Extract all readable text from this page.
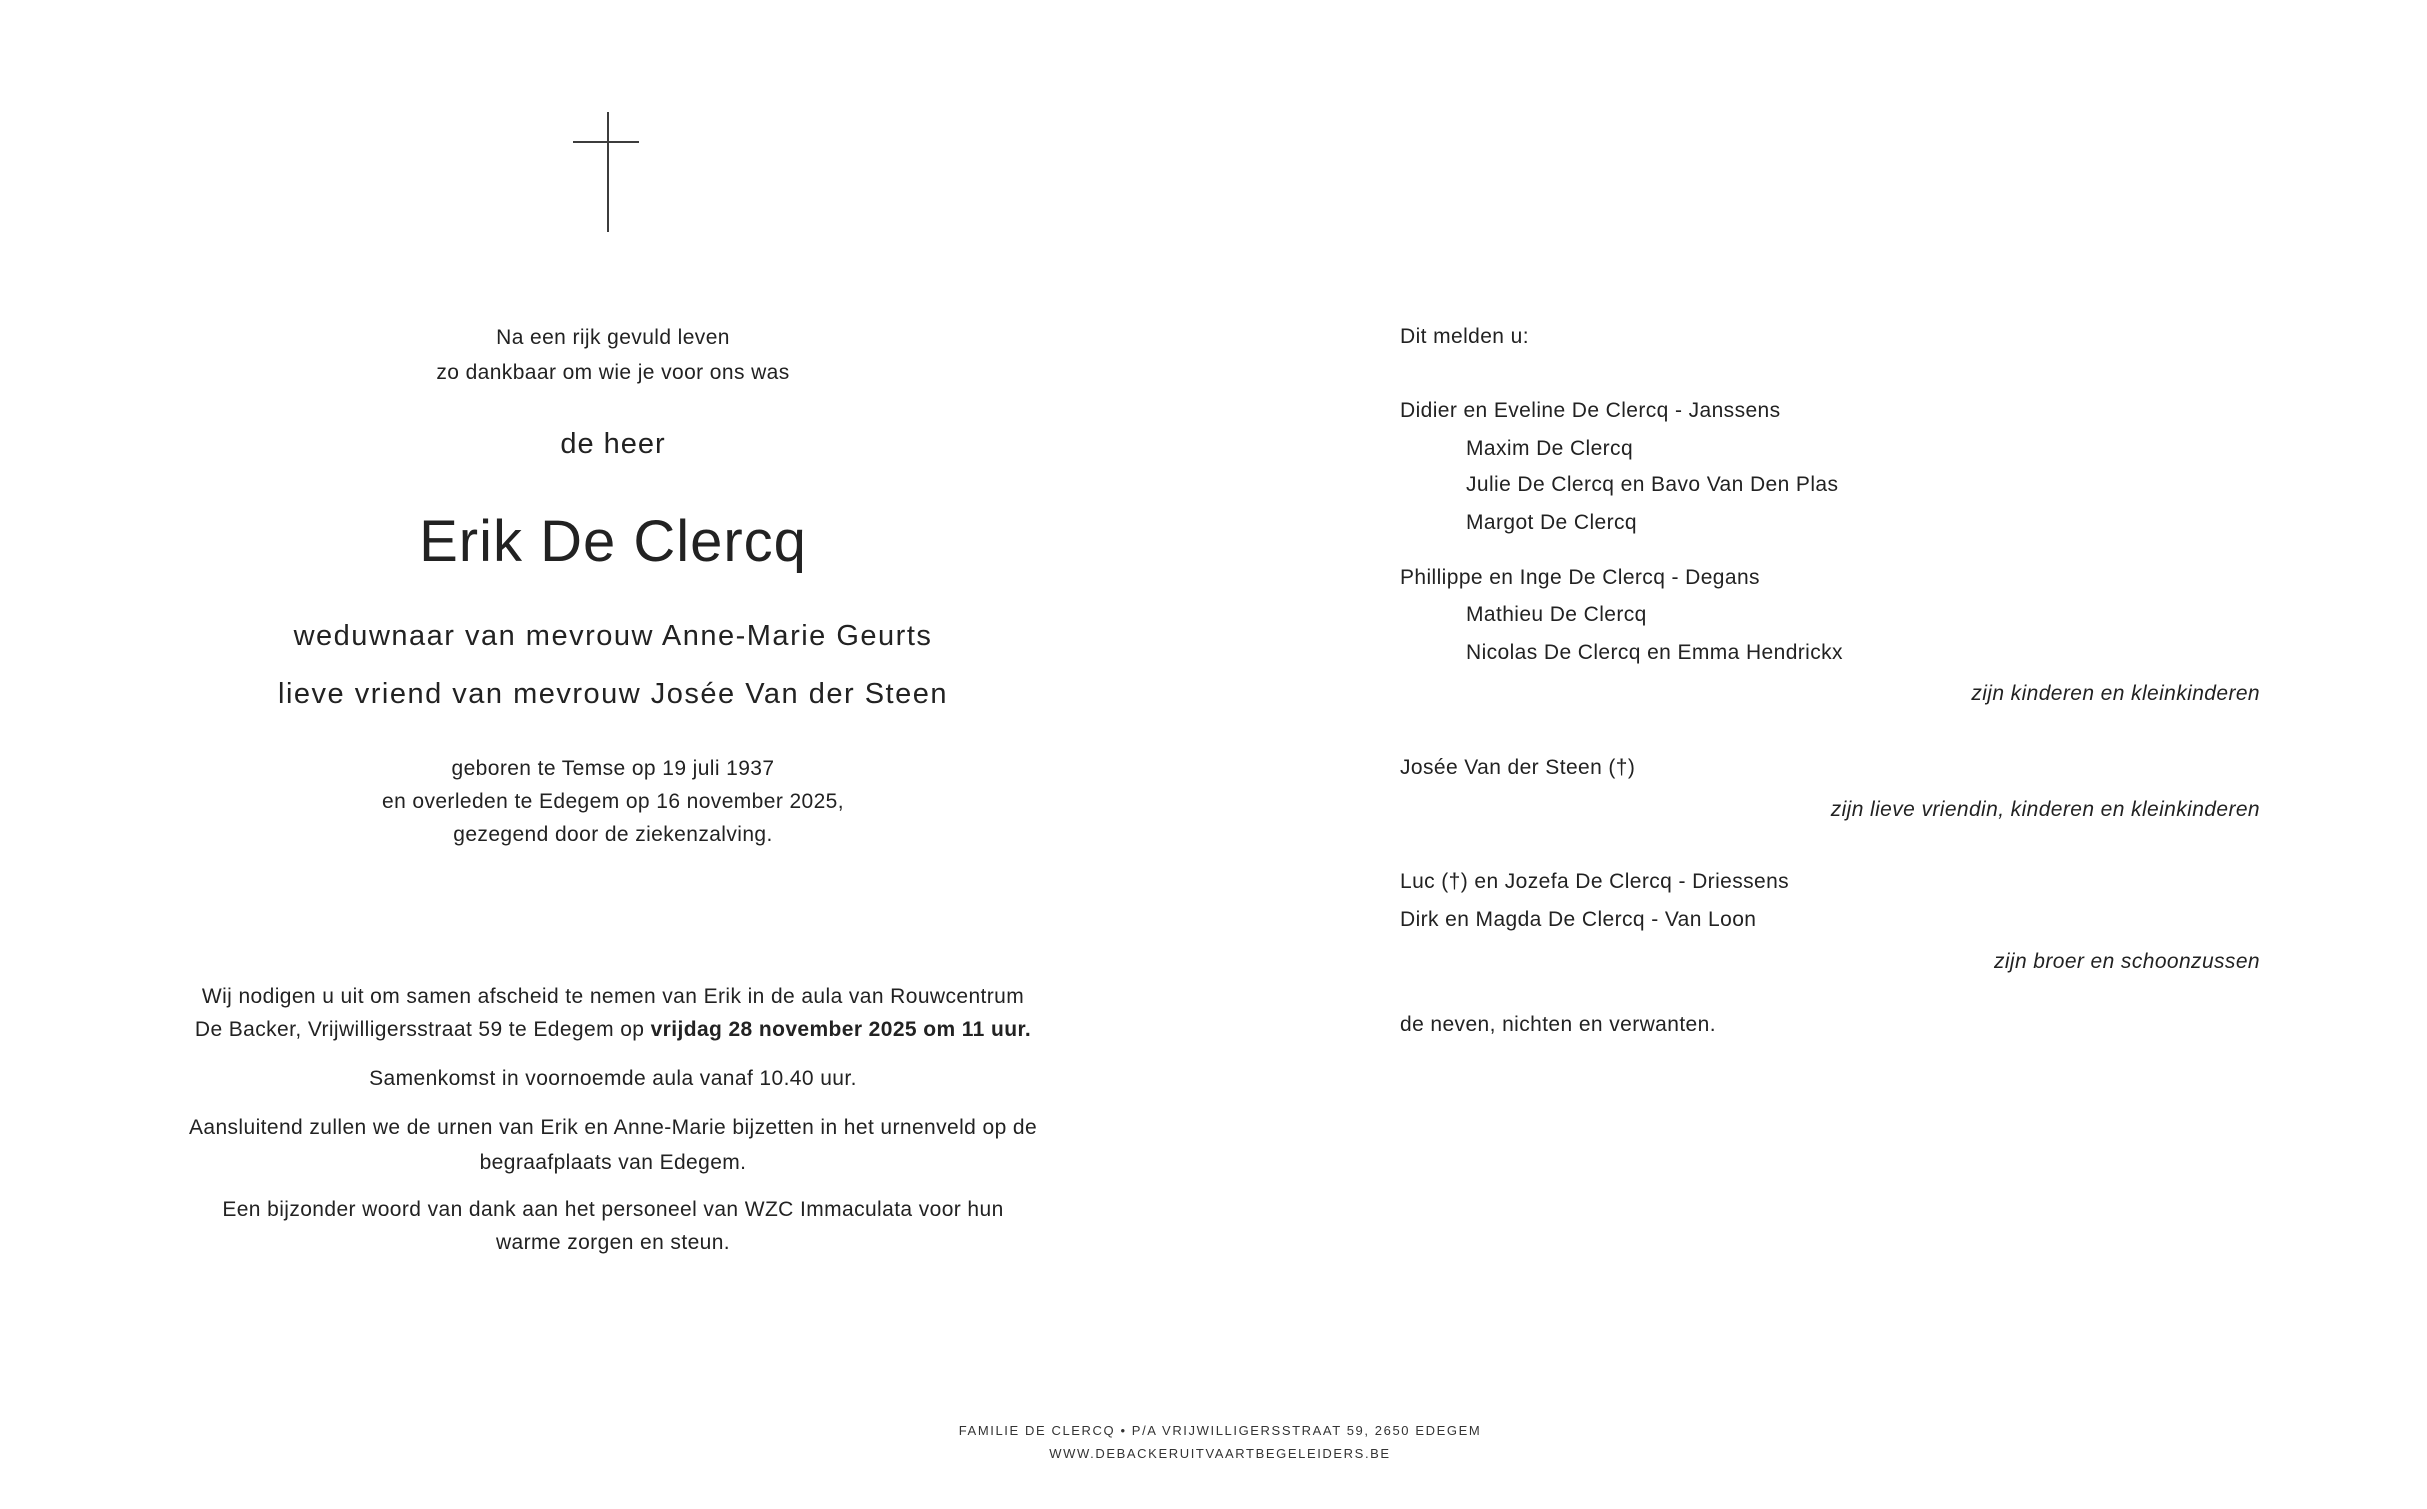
Na een rijk gevuld leven
zo dankbaar om wie je voor ons was
de heer
Erik De Clercq
weduwnaar van mevrouw Anne-Marie Geurts
lieve vriend van mevrouw Josée Van der Steen
geboren te Temse op 19 juli 1937
en overleden te Edegem op 16 november 2025,
gezegend door de ziekenzalving.
Wij nodigen u uit om samen afscheid te nemen van Erik in de aula van Rouwcentrum
De Backer, Vrijwilligersstraat 59 te Edegem op vrijdag 28 november 2025 om 11 uur.
Samenkomst in voornoemde aula vanaf 10.40 uur.
Aansluitend zullen we de urnen van Erik en Anne-Marie bijzetten in het urnenveld op de
begraafplaats van Edegem.
Een bijzonder woord van dank aan het personeel van WZC Immaculata voor hun
warme zorgen en steun.
Dit melden u:
Didier en Eveline De Clercq - Janssens
Maxim De Clercq
Julie De Clercq en Bavo Van Den Plas
Margot De Clercq
Phillippe en Inge De Clercq - Degans
Mathieu De Clercq
Nicolas De Clercq en Emma Hendrickx
zijn kinderen en kleinkinderen
Josée Van der Steen (†)
zijn lieve vriendin, kinderen en kleinkinderen
Luc (†) en Jozefa De Clercq - Driessens
Dirk en Magda De Clercq - Van Loon
zijn broer en schoonzussen
de neven, nichten en verwanten.
FAMILIE DE CLERCQ • P/A VRIJWILLIGERSSTRAAT 59, 2650 EDEGEM
WWW.DEBACKERUITVAARTBEGELEIDERS.BE
